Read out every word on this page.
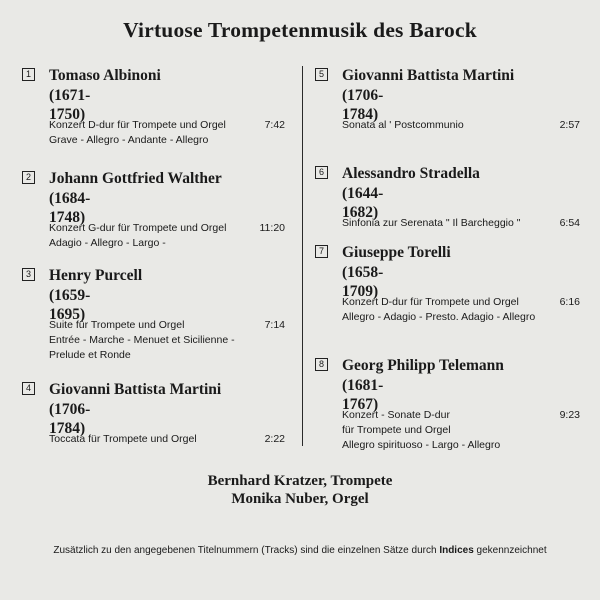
Virtuose Trompetenmusik des Barock
1 Tomaso Albinoni
(1671-1750)
Konzert D-dur für Trompete und Orgel
Grave - Allegro - Andante - Allegro
7:42
2 Johann Gottfried Walther
(1684-1748)
Konzert G-dur für Trompete und Orgel
Adagio - Allegro - Largo -
11:20
3 Henry Purcell
(1659-1695)
Suite für Trompete und Orgel
Entrée - Marche - Menuet et Sicilienne -
Prelude et Ronde
7:14
4 Giovanni Battista Martini
(1706-1784)
Toccata für Trompete und Orgel	2:22
5 Giovanni Battista Martini
(1706-1784)
Sonata al ' Postcommunio	2:57
6 Alessandro Stradella
(1644-1682)
Sinfonia zur Serenata " Il Barcheggio "	6:54
7 Giuseppe Torelli
(1658-1709)
Konzert D-dur für Trompete und Orgel
Allegro - Adagio - Presto. Adagio - Allegro
6:16
8 Georg Philipp Telemann
(1681-1767)
Konzert - Sonate D-dur
für Trompete und Orgel
Allegro spirituoso - Largo - Allegro
9:23
Bernhard Kratzer, Trompete
Monika Nuber, Orgel
Zusätzlich zu den angegebenen Titelnummern (Tracks) sind die einzelnen Sätze durch Indices gekennzeichnet
